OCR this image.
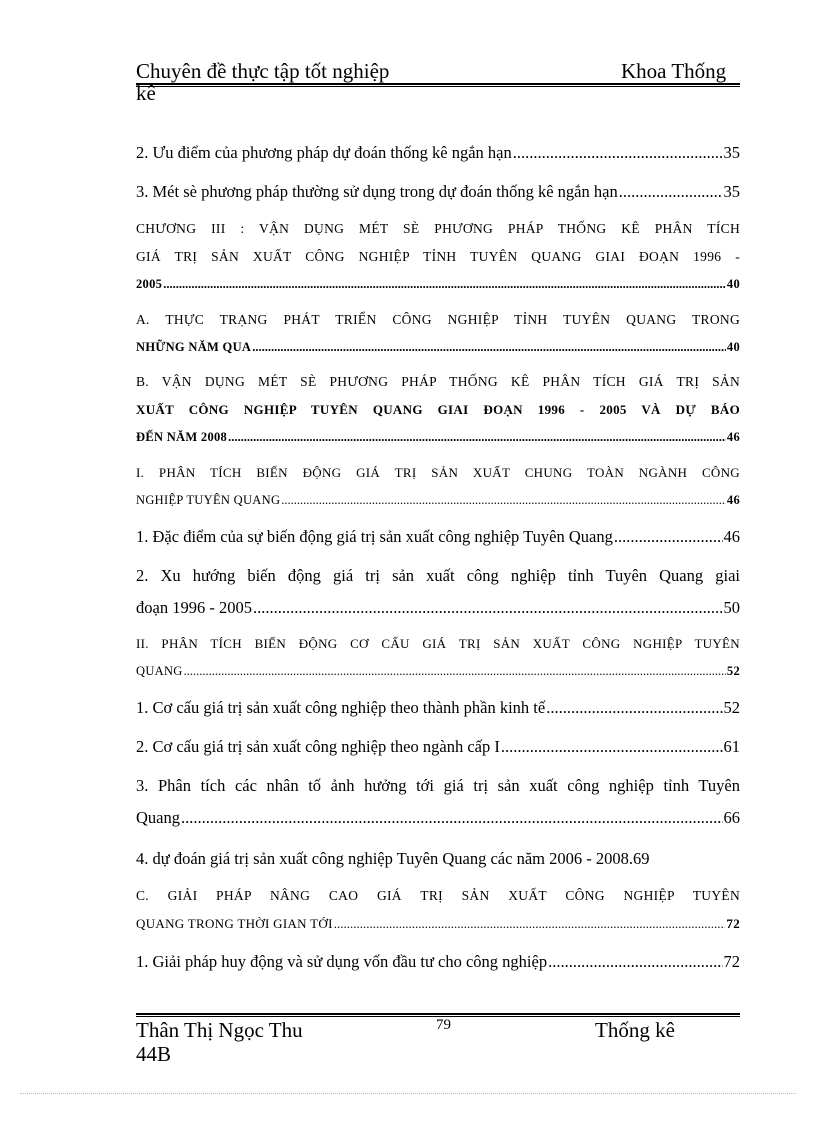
Chuyên đề thực tập tốt nghiệp	Khoa Thống
kê
2. Ưu điểm của phương pháp dự đoán thống kê ngắn hạn .....	35
3. Mét sè phương pháp thường sử dụng trong dự đoán thống kê ngắn hạn .....	35
CHƯƠNG III : VẬN DỤNG MÉT SÈ PHƯƠNG PHÁP THỐNG KÊ PHÂN TÍCH
GIÁ TRỊ SẢN XUẤT CÔNG NGHIỆP TỈNH TUYÊN QUANG GIAI ĐOẠN 1996 -
2005 .....	40
A. THỰC TRẠNG PHÁT TRIỂN CÔNG NGHIỆP TỈNH TUYÊN QUANG TRONG
NHỮNG NĂM QUA .....	40
B. VẬN DỤNG MÉT SÈ PHƯƠNG PHÁP THỐNG KÊ PHÂN TÍCH GIÁ TRỊ SẢN
XUẤT CÔNG NGHIỆP TUYÊN QUANG GIAI ĐOẠN 1996 - 2005 VÀ DỰ BÁO
ĐẾN NĂM 2008 .....	46
I. PHÂN TÍCH BIẾN ĐỘNG GIÁ TRỊ SẢN XUẤT CHUNG TOÀN NGÀNH CÔNG
NGHIỆP TUYÊN QUANG .....	46
1. Đặc điểm của sự biến động giá trị sản xuất công nghiệp Tuyên Quang .....	46
2. Xu hướng biến động giá trị sản xuất công nghiệp tỉnh Tuyên Quang giai
đoạn 1996 - 2005 .....	50
II. PHÂN TÍCH BIẾN ĐỘNG CƠ CẤU GIÁ TRỊ SẢN XUẤT CÔNG NGHIỆP TUYÊN
QUANG .....	52
1. Cơ cấu giá trị sản xuất công nghiệp theo thành phần kinh tế .....	52
2. Cơ cấu giá trị sản xuất công nghiệp theo ngành cấp I .....	61
3. Phân tích các nhân tố ảnh hưởng tới giá trị sản xuất công nghiệp tỉnh Tuyên
Quang .....	66
4. dự đoán giá trị sản xuất công nghiệp Tuyên Quang các năm 2006 - 2008 . 69
C. GIẢI PHÁP NÂNG CAO GIÁ TRỊ SẢN XUẤT CÔNG NGHIỆP TUYÊN
QUANG TRONG THỜI GIAN TỚI .....	72
1. Giải pháp huy động và sử dụng vốn đầu tư cho công nghiệp .....	72
Thân Thị Ngọc Thu	79	Thống kê
44B
